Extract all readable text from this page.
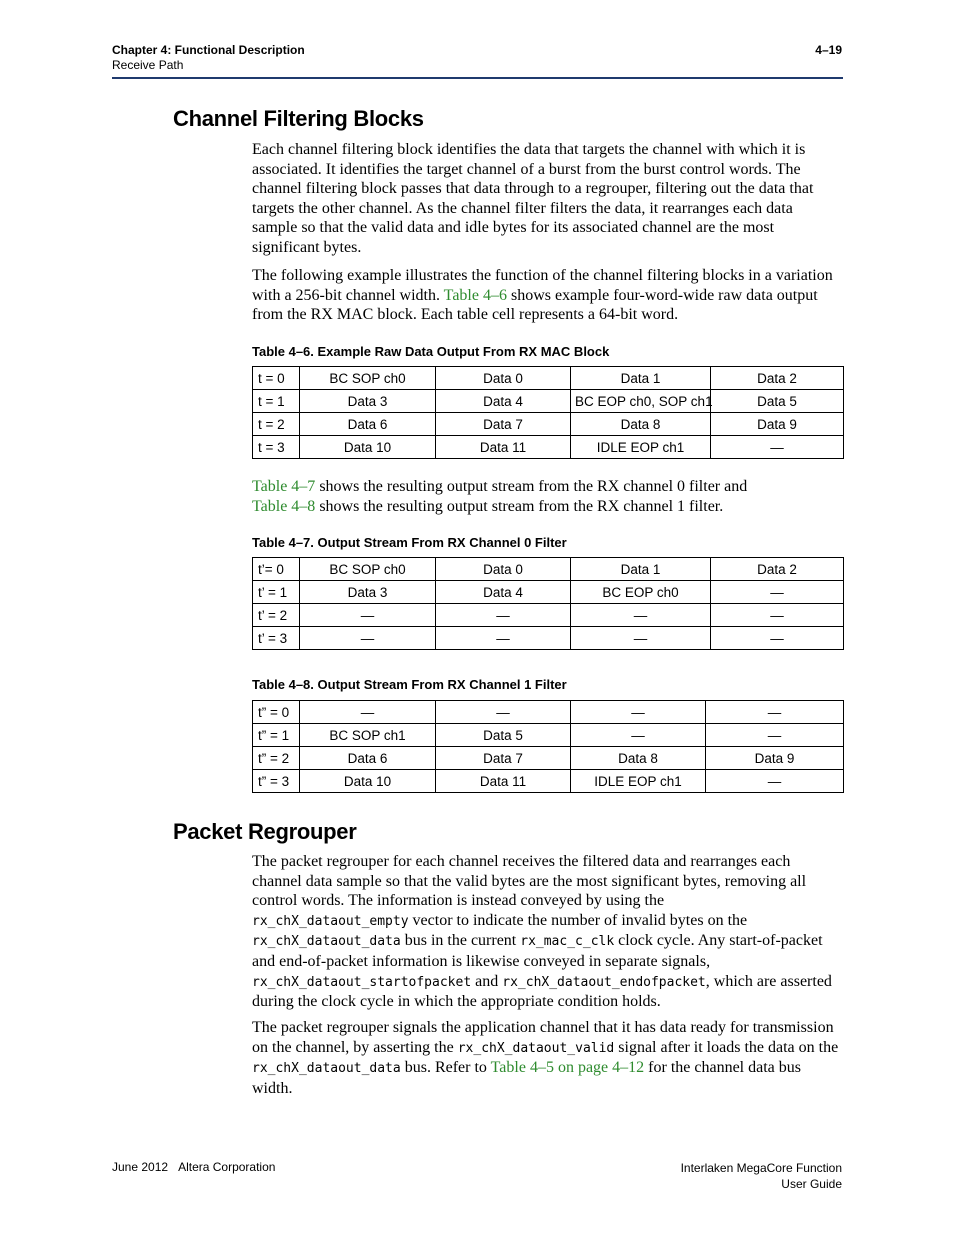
Chapter 4: Functional Description
Receive Path
4–19
Channel Filtering Blocks

Each channel filtering block identifies the data that targets the channel with which it is associated. It identifies the target channel of a burst from the burst control words. The channel filtering block passes that data through to a regrouper, filtering out the data that targets the other channel. As the channel filter filters the data, it rearranges each data sample so that the valid data and idle bytes for its associated channel are the most significant bytes.

The following example illustrates the function of the channel filtering blocks in a variation with a 256-bit channel width. Table 4–6 shows example four-word-wide raw data output from the RX MAC block. Each table cell represents a 64-bit word.

Table 4–6. Example Raw Data Output From RX MAC Block

t = 0	BC SOP ch0	Data 0	Data 1	Data 2
t = 1	Data 3	Data 4	BC EOP ch0, SOP ch1	Data 5
t = 2	Data 6	Data 7	Data 8	Data 9
t = 3	Data 10	Data 11	IDLE EOP ch1	—

Table 4–7 shows the resulting output stream from the RX channel 0 filter and
Table 4–8 shows the resulting output stream from the RX channel 1 filter.

Table 4–7. Output Stream From RX Channel 0 Filter

t’= 0	BC SOP ch0	Data 0	Data 1	Data 2
t’ = 1	Data 3	Data 4	BC EOP ch0	—
t’ = 2	—	—	—	—
t’ = 3	—	—	—	—

Table 4–8. Output Stream From RX Channel 1 Filter

t” = 0	—	—	—	—
t” = 1	BC SOP ch1	Data 5	—	—
t” = 2	Data 6	Data 7	Data 8	Data 9
t” = 3	Data 10	Data 11	IDLE EOP ch1	—
Packet Regrouper

The packet regrouper for each channel receives the filtered data and rearranges each channel data sample so that the valid bytes are the most significant bytes, removing all control words. The information is instead conveyed by using the
rx_chX_dataout_empty vector to indicate the number of invalid bytes on the
rx_chX_dataout_data bus in the current rx_mac_c_clk clock cycle. Any start-of-packet and end-of-packet information is likewise conveyed in separate signals, rx_chX_dataout_startofpacket and rx_chX_dataout_endofpacket, which are asserted during the clock cycle in which the appropriate condition holds.

The packet regrouper signals the application channel that it has data ready for transmission on the channel, by asserting the rx_chX_dataout_valid signal after it loads the data on the rx_chX_dataout_data bus. Refer to Table 4–5 on page 4–12 for the channel data bus width.

June 2012 Altera Corporation	Interlaken MegaCore Function
User Guide
